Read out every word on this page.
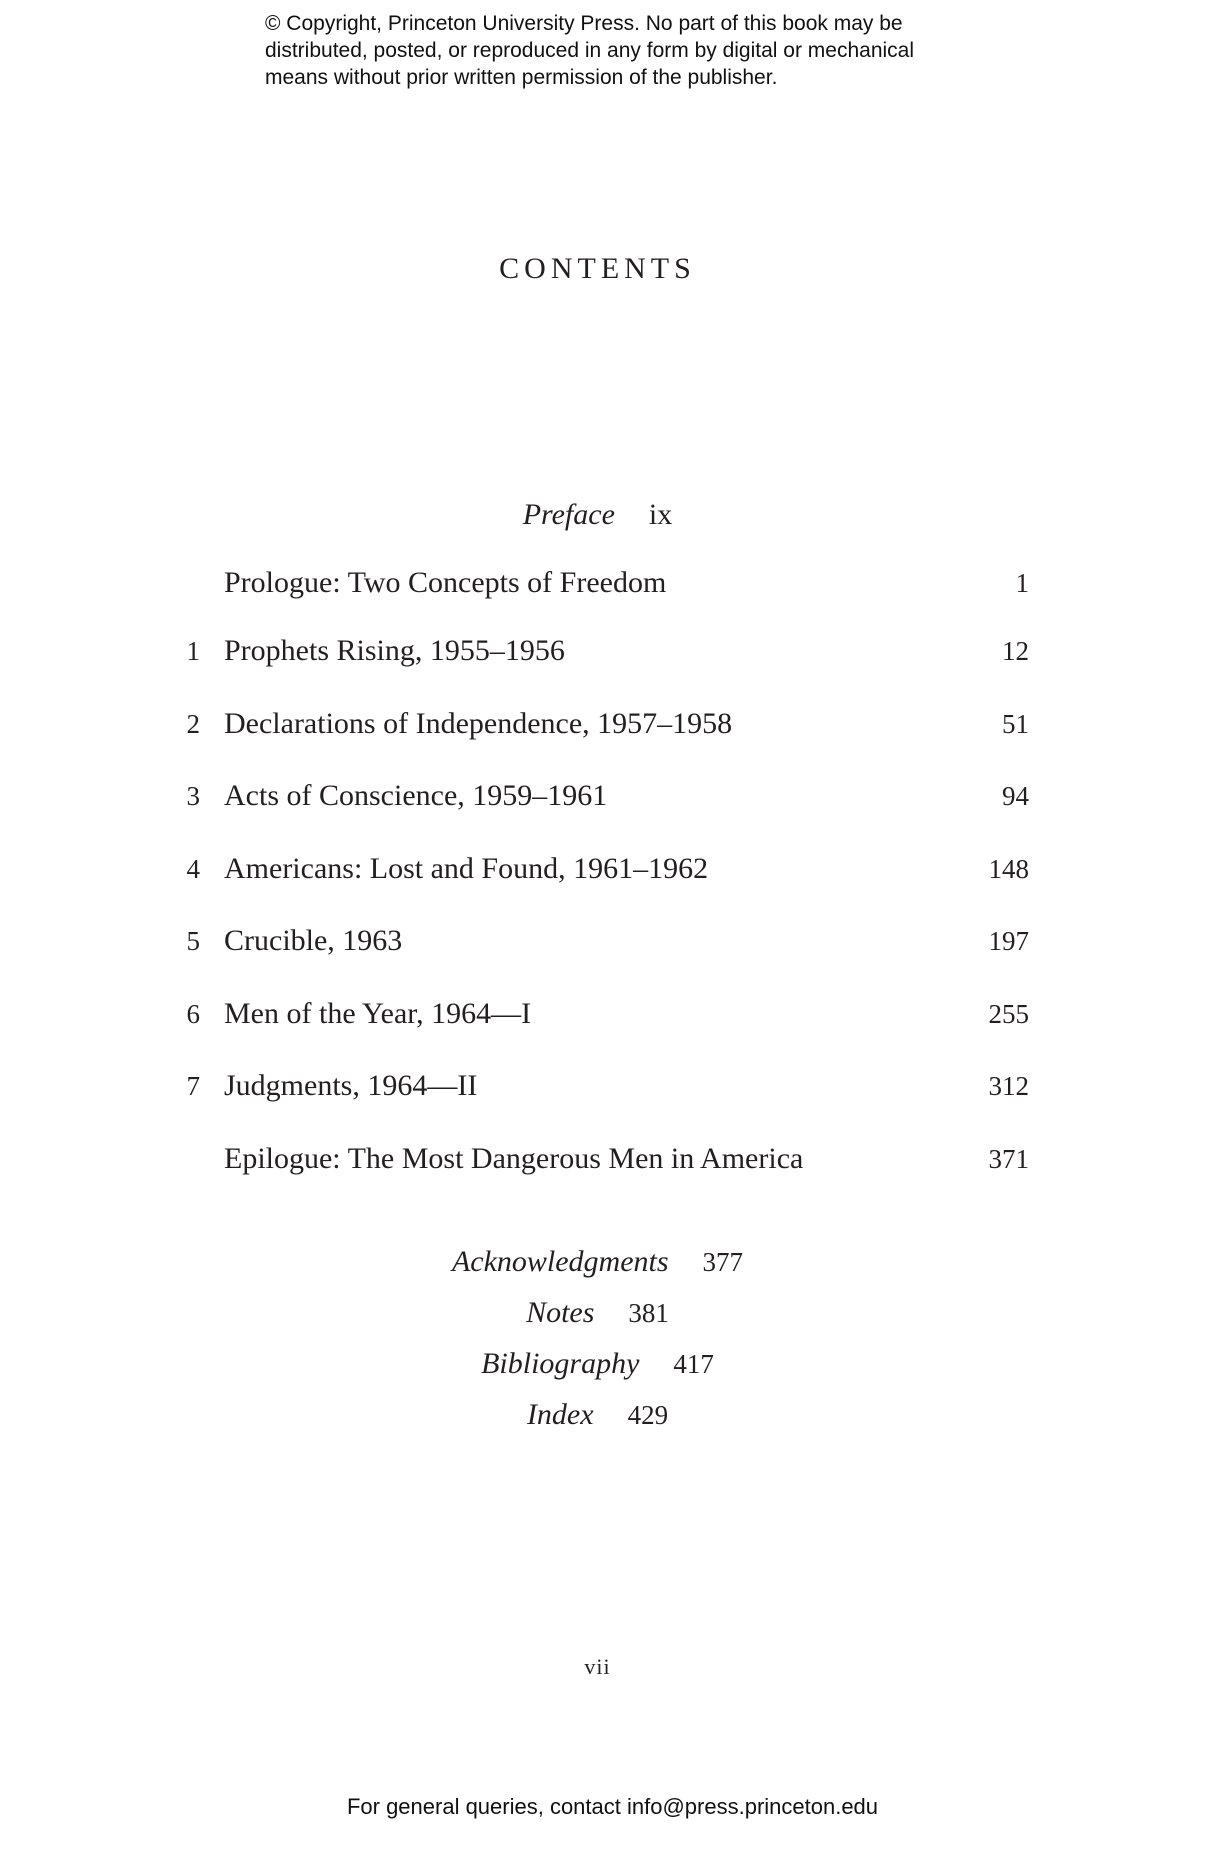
© Copyright, Princeton University Press. No part of this book may be
distributed, posted, or reproduced in any form by digital or mechanical
means without prior written permission of the publisher.
CONTENTS
Preface ix
Prologue: Two Concepts of Freedom	1
1 Prophets Rising, 1955–1956	12
2 Declarations of Independence, 1957–1958	51
3 Acts of Conscience, 1959–1961	94
4 Americans: Lost and Found, 1961–1962	148
5 Crucible, 1963	197
6 Men of the Year, 1964—I	255
7 Judgments, 1964—II	312
Epilogue: The Most Dangerous Men in America	371
Acknowledgments 377
Notes 381
Bibliography 417
Index 429
vii
For general queries, contact info@press.princeton.edu
